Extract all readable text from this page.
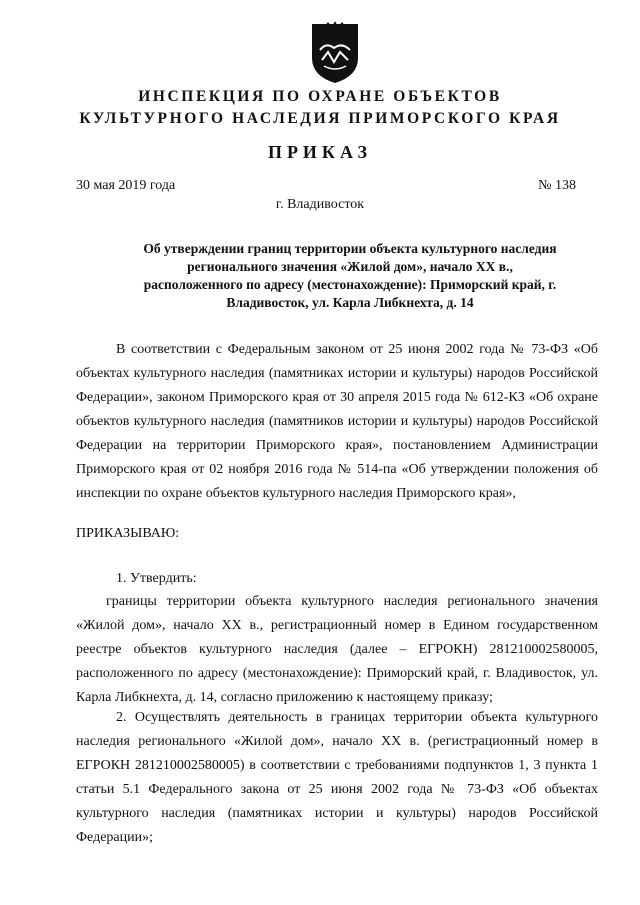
ИНСПЕКЦИЯ ПО ОХРАНЕ ОБЪЕКТОВ
КУЛЬТУРНОГО НАСЛЕДИЯ ПРИМОРСКОГО КРАЯ
ПРИКАЗ
30 мая 2019 года	№ 138
г. Владивосток
Об утверждении границ территории объекта культурного наследия регионального значения «Жилой дом», начало XX в., расположенного по адресу (местонахождение): Приморский край, г. Владивосток, ул. Карла Либкнехта, д. 14

В соответствии с Федеральным законом от 25 июня 2002 года № 73-ФЗ «Об объектах культурного наследия (памятниках истории и культуры) народов Российской Федерации», законом Приморского края от 30 апреля 2015 года № 612-КЗ «Об охране объектов культурного наследия (памятников истории и культуры) народов Российской Федерации на территории Приморского края», постановлением Администрации Приморского края от 02 ноября 2016 года № 514-па «Об утверждении положения об инспекции по охране объектов культурного наследия Приморского края»,

ПРИКАЗЫВАЮ:
1. Утвердить:

границы территории объекта культурного наследия регионального значения «Жилой дом», начало XX в., регистрационный номер в Едином государственном реестре объектов культурного наследия (далее – ЕГРОКН) 281210002580005, расположенного по адресу (местонахождение): Приморский край, г. Владивосток, ул. Карла Либкнехта, д. 14, согласно приложению к настоящему приказу;

2. Осуществлять деятельность в границах территории объекта культурного наследия регионального «Жилой дом», начало XX в. (регистрационный номер в ЕГРОКН 281210002580005) в соответствии с требованиями подпунктов 1, 3 пункта 1 статьи 5.1 Федерального закона от 25 июня 2002 года № 73-ФЗ «Об объектах культурного наследия (памятниках истории и культуры) народов Российской Федерации»;
